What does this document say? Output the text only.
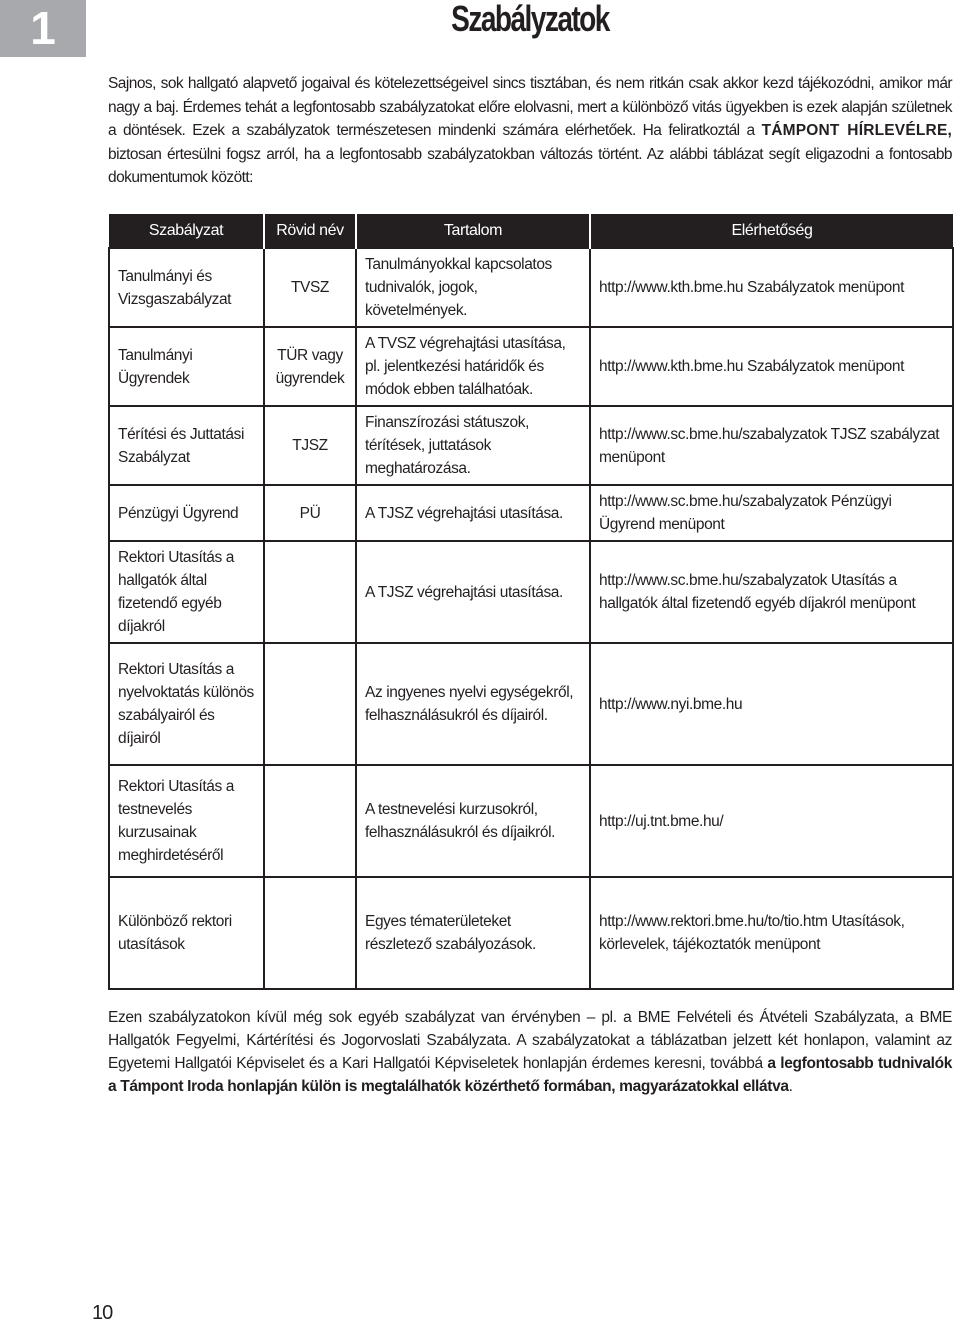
1	Szabályzatok

Sajnos, sok hallgató alapvető jogaival és kötelezettségeivel sincs tisztában, és nem ritkán csak akkor kezd tájékozódni, amikor már nagy a baj. Érdemes tehát a legfontosabb szabályzatokat előre elolvasni, mert a különböző vitás ügyekben is ezek alapján születnek a döntések. Ezek a szabályzatok természetesen mindenki számára elérhetőek. Ha feliratkoztál a TÁMPONT HÍRLEVÉLRE, biztosan értesülni fogsz arról, ha a legfontosabb szabályzatokban változás történt. Az alábbi táblázat segít eligazodni a fontosabb dokumentumok között:

Szabályzat	Rövid név	Tartalom	Elérhetőség
Tanulmányi és Vizsgaszabályzat	TVSZ	Tanulmányokkal kapcsolatos tudnivalók, jogok, követelmények.	http://www.kth.bme.hu Szabályzatok menüpont
Tanulmányi Ügyrendek	TÜR vagy ügyrendek	A TVSZ végrehajtási utasítása, pl. jelentkezési határidők és módok ebben találhatóak.	http://www.kth.bme.hu Szabályzatok menüpont
Térítési és Juttatási Szabályzat	TJSZ	Finanszírozási státuszok, térítések, juttatások meghatározása.	http://www.sc.bme.hu/szabalyzatok TJSZ szabályzat menüpont
Pénzügyi Ügyrend	PÜ	A TJSZ végrehajtási utasítása.	http://www.sc.bme.hu/szabalyzatok Pénzügyi Ügyrend menüpont
Rektori Utasítás a hallgatók által fizetendő egyéb díjakról		A TJSZ végrehajtási utasítása.	http://www.sc.bme.hu/szabalyzatok Utasítás a hallgatók által fizetendő egyéb díjakról menüpont
Rektori Utasítás a nyelvoktatás különös szabályairól és díjairól		Az ingyenes nyelvi egységekről, felhasználásukról és díjairól.	http://www.nyi.bme.hu
Rektori Utasítás a testnevelés kurzusainak meghirdetéséről		A testnevelési kurzusokról, felhasználásukról és díjaikról.	http://uj.tnt.bme.hu/
Különböző rektori utasítások		Egyes tématerületeket részletező szabályozások.	http://www.rektori.bme.hu/to/tio.htm Utasítások, körlevelek, tájékoztatók menüpont

Ezen szabályzatokon kívül még sok egyéb szabályzat van érvényben – pl. a BME Felvételi és Átvételi Szabályzata, a BME Hallgatók Fegyelmi, Kártérítési és Jogorvoslati Szabályzata. A szabályzatokat a táblázatban jelzett két honlapon, valamint az Egyetemi Hallgatói Képviselet és a Kari Hallgatói Képviseletek honlapján érdemes keresni, továbbá a legfontosabb tudnivalók a Támpont Iroda honlapján külön is megtalálhatók közérthető formában, magyarázatokkal ellátva.

10
